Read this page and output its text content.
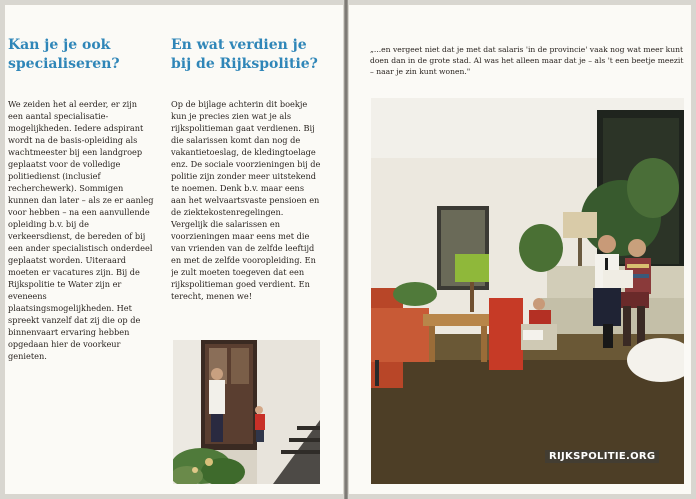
Kan je je ook specialiseren?

We zeiden het al eerder, er zijn een aantal specialisatie-mogelijkheden. Iedere adspirant wordt na de basis-opleiding als wachtmeester bij een landgroep geplaatst voor de volledige politiedienst (inclusief recherchewerk). Sommigen kunnen dan later – als ze er aanleg voor hebben – na een aanvullende opleiding b.v. bij de verkeersdienst, de bereden of bij een ander specialistisch onderdeel geplaatst worden. Uiteraard moeten er vacatures zijn. Bij de Rijkspolitie te Water zijn er eveneens plaatsingsmogelijkheden. Het spreekt vanzelf dat zij die op de binnenvaart ervaring hebben opgedaan hier de voorkeur genieten.

En wat verdien je bij de Rijkspolitie?

Op de bijlage achterin dit boekje kun je precies zien wat je als rijkspolitieman gaat verdienen. Bij die salarissen komt dan nog de vakantietoeslag, de kledingtoelage enz. De sociale voorzieningen bij de politie zijn zonder meer uitstekend te noemen. Denk b.v. maar eens aan het welvaartsvaste pensioen en de ziektekostenregelingen. Vergelijk die salarissen en voorzieningen maar eens met die van vrienden van de zelfde leeftijd en met de zelfde vooropleiding. En je zult moeten toegeven dat een rijkspolitieman goed verdient. En terecht, menen we!

„...en vergeet niet dat je met dat salaris 'in de provincie' vaak nog wat meer kunt doen dan in de grote stad. Al was het alleen maar dat je – als 't een beetje meezit – naar je zin kunt wonen."

RIJKSPOLITIE.ORG
